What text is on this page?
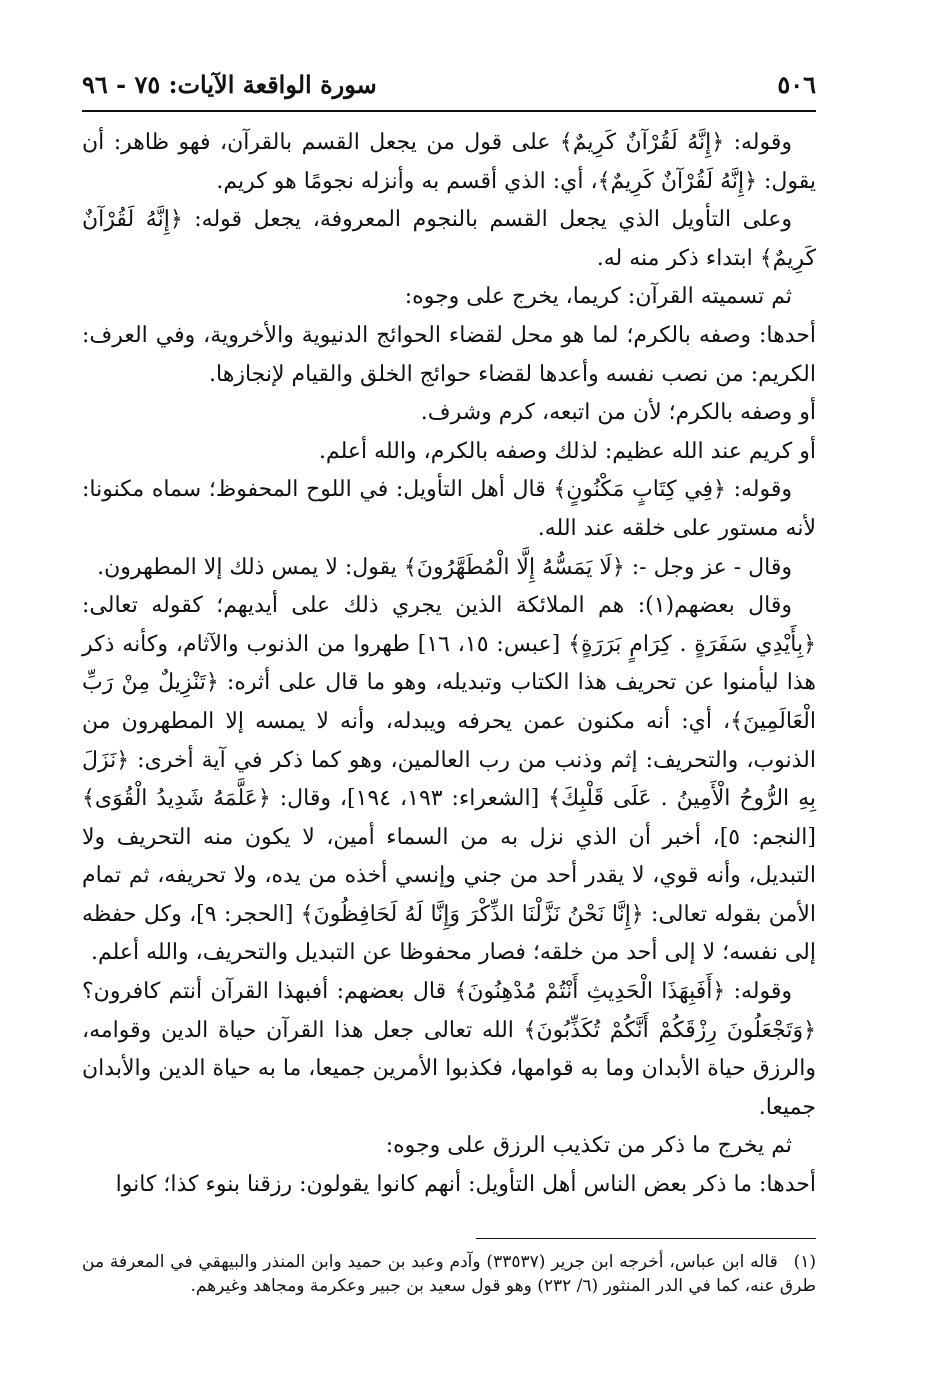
٥٠٦
سورة الواقعة الآيات: ٧٥ - ٩٦

وقوله: ﴿إِنَّهُ لَقُرْآنٌ كَرِيمٌ﴾ على قول من يجعل القسم بالقرآن، فهو ظاهر: أن يقول: ﴿إِنَّهُ لَقُرْآنٌ كَرِيمٌ﴾، أي: الذي أقسم به وأنزله نجومًا هو كريم.

وعلى التأويل الذي يجعل القسم بالنجوم المعروفة، يجعل قوله: ﴿إِنَّهُ لَقُرْآنٌ كَرِيمٌ﴾ ابتداء ذكر منه له.

ثم تسميته القرآن: كريما، يخرج على وجوه:

أحدها: وصفه بالكرم؛ لما هو محل لقضاء الحوائج الدنيوية والأخروية، وفي العرف: الكريم: من نصب نفسه وأعدها لقضاء حوائج الخلق والقيام لإنجازها.

أو وصفه بالكرم؛ لأن من اتبعه، كرم وشرف.

أو كريم عند الله عظيم: لذلك وصفه بالكرم، والله أعلم.

وقوله: ﴿فِي كِتَابٍ مَكْنُونٍ﴾ قال أهل التأويل: في اللوح المحفوظ؛ سماه مكنونا: لأنه مستور على خلقه عند الله.

وقال - عز وجل -: ﴿لَا يَمَسُّهُ إِلَّا الْمُطَهَّرُونَ﴾ يقول: لا يمس ذلك إلا المطهرون.

وقال بعضهم(١): هم الملائكة الذين يجري ذلك على أيديهم؛ كقوله تعالى: ﴿بِأَيْدِي سَفَرَةٍ . كِرَامٍ بَرَرَةٍ﴾ [عبس: ١٥، ١٦] طهروا من الذنوب والآثام، وكأنه ذكر هذا ليأمنوا عن تحريف هذا الكتاب وتبديله، وهو ما قال على أثره: ﴿تَنْزِيلٌ مِنْ رَبِّ الْعَالَمِينَ﴾، أي: أنه مكنون عمن يحرفه ويبدله، وأنه لا يمسه إلا المطهرون من الذنوب، والتحريف: إثم وذنب من رب العالمين، وهو كما ذكر في آية أخرى: ﴿نَزَلَ بِهِ الرُّوحُ الْأَمِينُ . عَلَى قَلْبِكَ﴾ [الشعراء: ١٩٣، ١٩٤]، وقال: ﴿عَلَّمَهُ شَدِيدُ الْقُوَى﴾ [النجم: ٥]، أخبر أن الذي نزل به من السماء أمين، لا يكون منه التحريف ولا التبديل، وأنه قوي، لا يقدر أحد من جني وإنسي أخذه من يده، ولا تحريفه، ثم تمام الأمن بقوله تعالى: ﴿إِنَّا نَحْنُ نَزَّلْنَا الذِّكْرَ وَإِنَّا لَهُ لَحَافِظُونَ﴾ [الحجر: ٩]، وكل حفظه إلى نفسه؛ لا إلى أحد من خلقه؛ فصار محفوظا عن التبديل والتحريف، والله أعلم.

وقوله: ﴿أَفَبِهَذَا الْحَدِيثِ أَنْتُمْ مُدْهِنُونَ﴾ قال بعضهم: أفبهذا القرآن أنتم كافرون؟ ﴿وَتَجْعَلُونَ رِزْقَكُمْ أَنَّكُمْ تُكَذِّبُونَ﴾ الله تعالى جعل هذا القرآن حياة الدين وقوامه، والرزق حياة الأبدان وما به قوامها، فكذبوا الأمرين جميعا، ما به حياة الدين والأبدان جميعا.

ثم يخرج ما ذكر من تكذيب الرزق على وجوه:

أحدها: ما ذكر بعض الناس أهل التأويل: أنهم كانوا يقولون: رزقنا بنوء كذا؛ كانوا

(١) قاله ابن عباس، أخرجه ابن جرير (٣٣٥٣٧) وآدم وعبد بن حميد وابن المنذر والبيهقي في المعرفة من طرق عنه، كما في الدر المنثور (٦/ ٢٣٢) وهو قول سعيد بن جبير وعكرمة ومجاهد وغيرهم.
